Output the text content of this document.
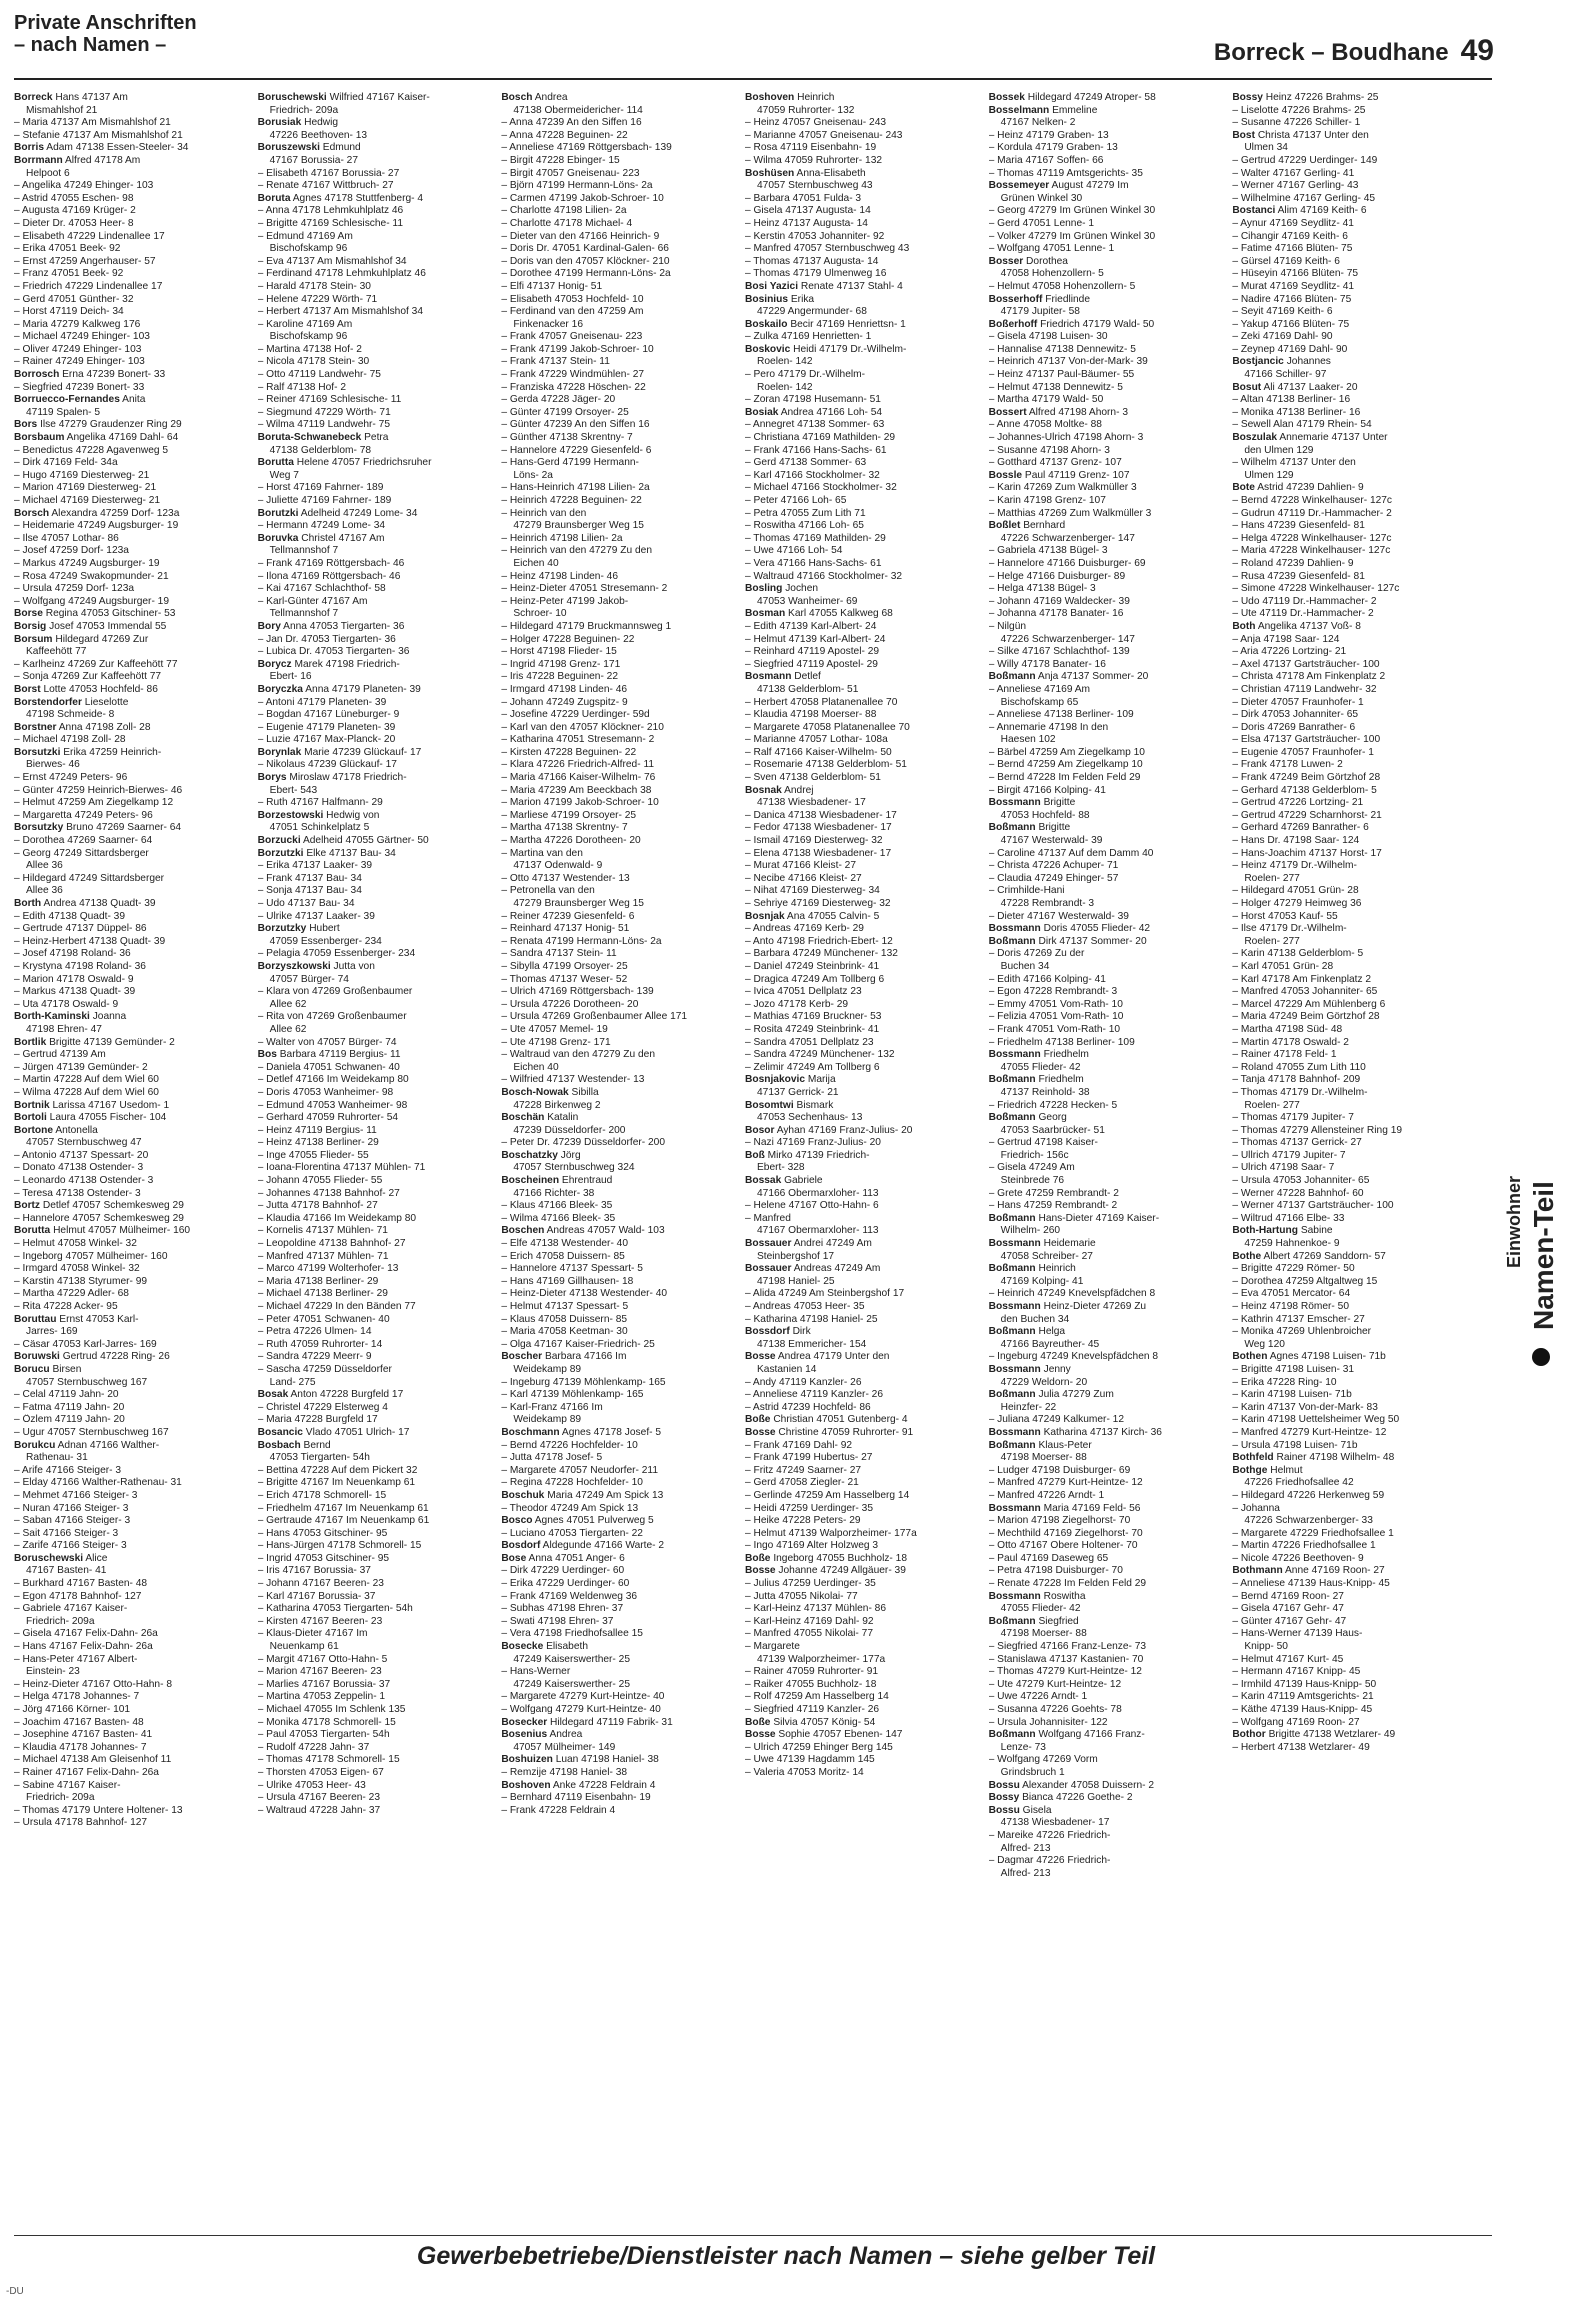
Private Anschriften
– nach Namen –	Borreck – Boudhane 49
Borreck Hans 47137 Am
Mismahlshof 21
– Maria 47137 Am Mismahlshof 21
– Stefanie 47137 Am Mismahlshof 21
Borris Adam 47138 Essen-Steeler- 34
Borrmann Alfred 47178 Am
Helpoot 6
– Angelika 47249 Ehinger- 103
– Astrid 47055 Eschen- 98
– Augusta 47169 Krüger- 2
– Dieter Dr. 47053 Heer- 8
– Elisabeth 47229 Lindenallee 17
– Erika 47051 Beek- 92
– Ernst 47259 Angerhauser- 57
– Franz 47051 Beek- 92
– Friedrich 47229 Lindenallee 17
– Gerd 47051 Günther- 32
– Horst 47119 Deich- 34
– Maria 47279 Kalkweg 176
– Michael 47249 Ehinger- 103
– Oliver 47249 Ehinger- 103
– Rainer 47249 Ehinger- 103
Borrosch Erna 47239 Bonert- 33
– Siegfried 47239 Bonert- 33
Borruecco-Fernandes Anita
47119 Spalen- 5
Bors Ilse 47279 Graudenzer Ring 29
Borsbaum Angelika 47169 Dahl- 64
– Benedictus 47228 Agavenweg 5
– Dirk 47169 Feld- 34a
– Hugo 47169 Diesterweg- 21
– Marion 47169 Diesterweg- 21
– Michael 47169 Diesterweg- 21
Borsch Alexandra 47259 Dorf- 123a
– Heidemarie 47249 Augsburger- 19
– Ilse 47057 Lothar- 86
– Josef 47259 Dorf- 123a
– Markus 47249 Augsburger- 19
– Rosa 47249 Swakopmunder- 21
– Ursula 47259 Dorf- 123a
– Wolfgang 47249 Augsburger- 19
Borse Regina 47053 Gitschiner- 53
Borsig Josef 47053 Immendal 55
Borsum Hildegard 47269 Zur
Kaffeehött 77
– Karlheinz 47269 Zur Kaffeehött 77
– Sonja 47269 Zur Kaffeehött 77
Borst Lotte 47053 Hochfeld- 86
Borstendorfer Lieselotte
47198 Schmeide- 8
Borstner Anna 47198 Zoll- 28
– Michael 47198 Zoll- 28
Borsutzki Erika 47259 Heinrich-
Bierwes- 46
– Ernst 47249 Peters- 96
– Günter 47259 Heinrich-Bierwes- 46
– Helmut 47259 Am Ziegelkamp 12
– Margaretta 47249 Peters- 96
Borsutzky Bruno 47269 Saarner- 64
– Dorothea 47269 Saarner- 64
– Georg 47249 Sittardsberger
Allee 36
– Hildegard 47249 Sittardsberger
Allee 36
Borth Andrea 47138 Quadt- 39
– Edith 47138 Quadt- 39
– Gertrude 47137 Düppel- 86
– Heinz-Herbert 47138 Quadt- 39
– Josef 47198 Roland- 36
– Krystyna 47198 Roland- 36
– Marion 47178 Oswald- 9
– Markus 47138 Quadt- 39
– Uta 47178 Oswald- 9
Borth-Kaminski Joanna
47198 Ehren- 47
Bortlik Brigitte 47139 Gemünder- 2
– Gertrud 47139 Am
– Jürgen 47139 Gemünder- 2
– Martin 47228 Auf dem Wiel 60
– Wilma 47228 Auf dem Wiel 60
Bortnik Larissa 47167 Usedom- 1
Bortoli Laura 47055 Fischer- 104
Bortone Antonella
47057 Sternbuschweg 47
– Antonio 47137 Spessart- 20
– Donato 47138 Ostender- 3
– Leonardo 47138 Ostender- 3
– Teresa 47138 Ostender- 3
Bortz Detlef 47057 Schemkesweg 29
– Hannelore 47057 Schemkesweg 29
Borutta Helmut 47057 Mülheimer- 160
– Helmut 47058 Winkel- 32
– Ingeborg 47057 Mülheimer- 160
– Irmgard 47058 Winkel- 32
– Karstin 47138 Styrumer- 99
– Martha 47229 Adler- 68
– Rita 47228 Acker- 95
Boruttau Ernst 47053 Karl-
Jarres- 169
– Cäsar 47053 Karl-Jarres- 169
Boruwski Gertrud 47228 Ring- 26
Borucu Birsen
47057 Sternbuschweg 167
– Celal 47119 Jahn- 20
– Fatma 47119 Jahn- 20
– Özlem 47119 Jahn- 20
– Ugur 47057 Sternbuschweg 167
Borukcu Adnan 47166 Walther-
Rathenau- 31
– Arife 47166 Steiger- 3
– Elday 47166 Walther-Rathenau- 31
– Mehmet 47166 Steiger- 3
– Nuran 47166 Steiger- 3
– Saban 47166 Steiger- 3
– Sait 47166 Steiger- 3
– Zarife 47166 Steiger- 3
Boruschewski Alice
47167 Basten- 41
– Burkhard 47167 Basten- 48
– Egon 47178 Bahnhof- 127
– Gabriele 47167 Kaiser-
Friedrich- 209a
– Gisela 47167 Felix-Dahn- 26a
– Hans 47167 Felix-Dahn- 26a
– Hans-Peter 47167 Albert-
Einstein- 23
– Heinz-Dieter 47167 Otto-Hahn- 8
– Helga 47178 Johannes- 7
– Jörg 47166 Körner- 101
– Joachim 47167 Basten- 48
– Josephine 47167 Basten- 41
– Klaudia 47178 Johannes- 7
– Michael 47138 Am Gleisenhof 11
– Rainer 47167 Felix-Dahn- 26a
– Sabine 47167 Kaiser-
Friedrich- 209a
– Thomas 47179 Untere Holtener- 13
– Ursula 47178 Bahnhof- 127
Boruschewski Wilfried 47167 Kaiser-
Friedrich- 209a
Borusiak Hedwig
47226 Beethoven- 13
Boruszewski Edmund
47167 Borussia- 27
– Elisabeth 47167 Borussia- 27
– Renate 47167 Wittbruch- 27
Boruta Agnes 47178 Stuttfenberg- 4
– Anna 47178 Lehmkuhlplatz 46
– Brigitte 47169 Schlesische- 11
– Edmund 47169 Am
Bischofskamp 96
– Eva 47137 Am Mismahlshof 34
– Ferdinand 47178 Lehmkuhlplatz 46
– Harald 47178 Stein- 30
– Helene 47229 Wörth- 71
– Herbert 47137 Am Mismahlshof 34
– Karoline 47169 Am
Bischofskamp 96
– Martina 47138 Hof- 2
– Nicola 47178 Stein- 30
– Otto 47119 Landwehr- 75
– Ralf 47138 Hof- 2
– Reiner 47169 Schlesische- 11
– Siegmund 47229 Wörth- 71
– Wilma 47119 Landwehr- 75
Boruta-Schwanebeck Petra
47138 Gelderblom- 78
Borutta Helene 47057 Friedrichsruher
Weg 7
– Horst 47169 Fahrner- 189
– Juliette 47169 Fahrner- 189
Borutzki Adelheid 47249 Lome- 34
– Hermann 47249 Lome- 34
Boruvka Christel 47167 Am
Tellmannshof 7
– Frank 47169 Röttgersbach- 46
– Ilona 47169 Röttgersbach- 46
– Kai 47167 Schlachthof- 58
– Karl-Günter 47167 Am
Tellmannshof 7
Bory Anna 47053 Tiergarten- 36
– Jan Dr. 47053 Tiergarten- 36
– Lubica Dr. 47053 Tiergarten- 36
Borycz Marek 47198 Friedrich-
Ebert- 16
Boryczka Anna 47179 Planeten- 39
– Antoni 47179 Planeten- 39
– Bogdan 47167 Lüneburger- 9
– Eugenie 47179 Planeten- 39
– Luzie 47167 Max-Planck- 20
Borynlak Marie 47239 Glückauf- 17
– Nikolaus 47239 Glückauf- 17
Borys Miroslaw 47178 Friedrich-
Ebert- 543
– Ruth 47167 Halfmann- 29
Borzestowski Hedwig von
47051 Schinkelplatz 5
Borzucki Adelheid 47055 Gärtner- 50
Borzutzki Elke 47137 Bau- 34
– Erika 47137 Laaker- 39
– Frank 47137 Bau- 34
– Sonja 47137 Bau- 34
– Udo 47137 Bau- 34
– Ulrike 47137 Laaker- 39
Borzutzky Hubert
47059 Essenberger- 234
– Pelagia 47059 Essenberger- 234
Borzyszkowski Jutta von
47057 Bürger- 74
– Klara von 47269 Großenbaumer
Allee 62
– Rita von 47269 Großenbaumer
Allee 62
– Walter von 47057 Bürger- 74
Bos Barbara 47119 Bergius- 11
– Daniela 47051 Schwanen- 40
– Detlef 47166 Im Weidekamp 80
– Doris 47053 Wanheimer- 98
– Edmund 47053 Wanheimer- 98
– Gerhard 47059 Ruhrorter- 54
– Heinz 47119 Bergius- 11
– Heinz 47138 Berliner- 29
– Inge 47055 Flieder- 55
– Ioana-Florentina 47137 Mühlen- 71
– Johann 47055 Flieder- 55
– Johannes 47138 Bahnhof- 27
– Jutta 47178 Bahnhof- 27
– Klaudia 47166 Im Weidekamp 80
– Kornelis 47137 Mühlen- 71
– Leopoldine 47138 Bahnhof- 27
– Manfred 47137 Mühlen- 71
– Marco 47199 Wolterhofer- 13
– Maria 47138 Berliner- 29
– Michael 47138 Berliner- 29
– Michael 47229 In den Bänden 77
– Peter 47051 Schwanen- 40
– Petra 47226 Ulmen- 14
– Ruth 47059 Ruhrorter- 14
– Sandra 47229 Meerr- 9
– Sascha 47259 Düsseldorfer
Land- 275
Bosak Anton 47228 Burgfeld 17
– Christel 47229 Elsterweg 4
– Maria 47228 Burgfeld 17
Bosancic Vlado 47051 Ulrich- 17
Bosbach Bernd
47053 Tiergarten- 54h
– Bettina 47228 Auf dem Pickert 32
– Brigitte 47167 Im Neuenkamp 61
– Erich 47178 Schmorell- 15
– Friedhelm 47167 Im Neuenkamp 61
– Gertraude 47167 Im Neuenkamp 61
– Hans 47053 Gitschiner- 95
– Hans-Jürgen 47178 Schmorell- 15
– Ingrid 47053 Gitschiner- 95
– Iris 47167 Borussia- 37
– Johann 47167 Beeren- 23
– Karl 47167 Borussia- 37
– Katharina 47053 Tiergarten- 54h
– Kirsten 47167 Beeren- 23
– Klaus-Dieter 47167 Im
Neuenkamp 61
– Margit 47167 Otto-Hahn- 5
– Marion 47167 Beeren- 23
– Marlies 47167 Borussia- 37
– Martina 47053 Zeppelin- 1
– Michael 47055 Im Schlenk 135
– Monika 47178 Schmorell- 15
– Paul 47053 Tiergarten- 54h
– Rudolf 47228 Jahn- 37
– Thomas 47178 Schmorell- 15
– Thorsten 47053 Eigen- 67
– Ulrike 47053 Heer- 43
– Ursula 47167 Beeren- 23
– Waltraud 47228 Jahn- 37
Bosch Andrea
47138 Obermeidericher- 114
– Anna 47239 An den Siffen 16
– Anna 47228 Beguinen- 22
– Anneliese 47169 Röttgersbach- 139
– Birgit 47228 Ebinger- 15
– Birgit 47057 Gneisenau- 223
– Björn 47199 Hermann-Löns- 2a
– Carmen 47199 Jakob-Schroer- 10
– Charlotte 47198 Lilien- 2a
– Charlotte 47178 Michael- 4
– Dieter van den 47166 Heinrich- 9
– Doris Dr. 47051 Kardinal-Galen- 66
– Doris van den 47057 Klöckner- 210
– Dorothee 47199 Hermann-Löns- 2a
– Elfi 47137 Honig- 51
– Elisabeth 47053 Hochfeld- 10
– Ferdinand van den 47259 Am
Finkenacker 16
– Frank 47057 Gneisenau- 223
– Frank 47199 Jakob-Schroer- 10
– Frank 47137 Stein- 11
– Frank 47229 Windmühlen- 27
– Franziska 47228 Höschen- 22
– Gerda 47228 Jäger- 20
– Günter 47199 Orsoyer- 25
– Günter 47239 An den Siffen 16
– Günther 47138 Skrentny- 7
– Hannelore 47229 Giesenfeld- 6
– Hans-Gerd 47199 Hermann-
Löns- 2a
– Hans-Heinrich 47198 Lilien- 2a
– Heinrich 47228 Beguinen- 22
– Heinrich van den
47279 Braunsberger Weg 15
– Heinrich 47198 Lilien- 2a
– Heinrich van den 47279 Zu den
Eichen 40
– Heinz 47198 Linden- 46
– Heinz-Dieter 47051 Stresemann- 2
– Heinz-Peter 47199 Jakob-
Schroer- 10
– Hildegard 47179 Bruckmannsweg 1
– Holger 47228 Beguinen- 22
– Horst 47198 Flieder- 15
– Ingrid 47198 Grenz- 171
– Iris 47228 Beguinen- 22
– Irmgard 47198 Linden- 46
– Johann 47249 Zugspitz- 9
– Josefine 47229 Uerdinger- 59d
– Karl van den 47057 Klöckner- 210
– Katharina 47051 Stresemann- 2
– Kirsten 47228 Beguinen- 22
– Klara 47226 Friedrich-Alfred- 11
– Maria 47166 Kaiser-Wilhelm- 76
– Maria 47239 Am Beeckbach 38
– Marion 47199 Jakob-Schroer- 10
– Marliese 47199 Orsoyer- 25
– Martha 47138 Skrentny- 7
– Martha 47226 Dorotheen- 20
– Martina van den
47137 Odenwald- 9
– Otto 47137 Westender- 13
– Petronella van den
47279 Braunsberger Weg 15
– Reiner 47239 Giesenfeld- 6
– Reinhard 47137 Honig- 51
– Renata 47199 Hermann-Löns- 2a
– Sandra 47137 Stein- 11
– Sibylla 47199 Orsoyer- 25
– Thomas 47137 Weser- 52
– Ulrich 47169 Röttgersbach- 139
– Ursula 47226 Dorotheen- 20
– Ursula 47269 Großenbaumer Allee 171
– Ute 47057 Memel- 19
– Ute 47198 Grenz- 171
– Waltraud van den 47279 Zu den
Eichen 40
– Wilfried 47137 Westender- 13
Bosch-Nowak Sibilla
47228 Birkenweg 2
Boschän Katalin
47239 Düsseldorfer- 200
– Peter Dr. 47239 Düsseldorfer- 200
Boschatzky Jörg
47057 Sternbuschweg 324
Boscheinen Ehrentraud
47166 Richter- 38
– Klaus 47166 Bleek- 35
– Wilma 47166 Bleek- 35
Boschen Andreas 47057 Wald- 103
– Elfe 47138 Westender- 40
– Erich 47058 Duissern- 85
– Hannelore 47137 Spessart- 5
– Hans 47169 Gillhausen- 18
– Heinz-Dieter 47138 Westender- 40
– Helmut 47137 Spessart- 5
– Klaus 47058 Duissern- 85
– Maria 47058 Keetman- 30
– Olga 47167 Kaiser-Friedrich- 25
Boscher Barbara 47166 Im
Weidekamp 89
– Ingeburg 47139 Möhlenkamp- 165
– Karl 47139 Möhlenkamp- 165
– Karl-Franz 47166 Im
Weidekamp 89
Boschmann Agnes 47178 Josef- 5
– Bernd 47226 Hochfelder- 10
– Jutta 47178 Josef- 5
– Margarete 47057 Neudorfer- 211
– Regina 47228 Hochfelder- 10
Boschuk Maria 47249 Am Spick 13
– Theodor 47249 Am Spick 13
Bosco Agnes 47051 Pulverweg 5
– Luciano 47053 Tiergarten- 22
Bosdorf Aldegunde 47166 Warte- 2
Bose Anna 47051 Anger- 6
– Dirk 47229 Uerdinger- 60
– Erika 47229 Uerdinger- 60
– Frank 47169 Weldenweg 36
– Subhas 47198 Ehren- 37
– Swati 47198 Ehren- 37
– Vera 47198 Friedhofsallee 15
Bosecke Elisabeth
47249 Kaiserswerther- 25
– Hans-Werner
47249 Kaiserswerther- 25
– Margarete 47279 Kurt-Heintze- 40
– Wolfgang 47279 Kurt-Heintze- 40
Bosecker Hildegard 47119 Fabrik- 31
Bosenius Andrea
47057 Mülheimer- 149
Boshuizen Luan 47198 Haniel- 38
– Remzije 47198 Haniel- 38
Boshoven Anke 47228 Feldrain 4
– Bernhard 47119 Eisenbahn- 19
– Frank 47228 Feldrain 4
Boshoven Heinrich
47059 Ruhrorter- 132
– Heinz 47057 Gneisenau- 243
– Marianne 47057 Gneisenau- 243
– Rosa 47119 Eisenbahn- 19
– Wilma 47059 Ruhrorter- 132
Boshüsen Anna-Elisabeth
47057 Sternbuschweg 43
– Barbara 47051 Fulda- 3
– Gisela 47137 Augusta- 14
– Heinz 47137 Augusta- 14
– Kerstin 47053 Johanniter- 92
– Manfred 47057 Sternbuschweg 43
– Thomas 47137 Augusta- 14
– Thomas 47179 Ulmenweg 16
Bosi Yazici Renate 47137 Stahl- 4
Bosinius Erika
47229 Angermunder- 68
Boskailo Becir 47169 Henriettsn- 1
– Zulka 47169 Henrietten- 1
Boskovic Heidi 47179 Dr.-Wilhelm-
Roelen- 142
– Pero 47179 Dr.-Wilhelm-
Roelen- 142
– Zoran 47198 Husemann- 51
Bosiak Andrea 47166 Loh- 54
– Annegret 47138 Sommer- 63
– Christiana 47169 Mathilden- 29
– Frank 47166 Hans-Sachs- 61
– Gerd 47138 Sommer- 63
– Karl 47166 Stockholmer- 32
– Michael 47166 Stockholmer- 32
– Peter 47166 Loh- 65
– Petra 47055 Zum Lith 71
– Roswitha 47166 Loh- 65
– Thomas 47169 Mathilden- 29
– Uwe 47166 Loh- 54
– Vera 47166 Hans-Sachs- 61
– Waltraud 47166 Stockholmer- 32
Bosling Jochen
47053 Wanheimer- 69
Bosman Karl 47055 Kalkweg 68
– Edith 47139 Karl-Albert- 24
– Helmut 47139 Karl-Albert- 24
– Reinhard 47119 Apostel- 29
– Siegfried 47119 Apostel- 29
Bosmann Detlef
47138 Gelderblom- 51
– Herbert 47058 Platanenallee 70
– Klaudia 47198 Moerser- 88
– Margarete 47058 Platanenallee 70
– Marianne 47057 Lothar- 108a
– Ralf 47166 Kaiser-Wilhelm- 50
– Rosemarie 47138 Gelderblom- 51
– Sven 47138 Gelderblom- 51
Bosnak Andrej
47138 Wiesbadener- 17
– Danica 47138 Wiesbadener- 17
– Fedor 47138 Wiesbadener- 17
– Ismail 47169 Diesterweg- 32
– Elena 47138 Wiesbadener- 17
– Murat 47166 Kleist- 27
– Necibe 47166 Kleist- 27
– Nihat 47169 Diesterweg- 34
– Sehriye 47169 Diesterweg- 32
Bosnjak Ana 47055 Calvin- 5
– Andreas 47169 Kerb- 29
– Anto 47198 Friedrich-Ebert- 12
– Barbara 47249 Münchener- 132
– Daniel 47249 Steinbrink- 41
– Dragica 47249 Am Tollberg 6
– Ivica 47051 Dellplatz 23
– Jozo 47178 Kerb- 29
– Mathias 47169 Bruckner- 53
– Rosita 47249 Steinbrink- 41
– Sandra 47051 Dellplatz 23
– Sandra 47249 Münchener- 132
– Zelimir 47249 Am Tollberg 6
Bosnjakovic Marija
47137 Gerrick- 21
Bosomtwi Bismark
47053 Sechenhaus- 13
Bosor Ayhan 47169 Franz-Julius- 20
– Nazi 47169 Franz-Julius- 20
Boß Mirko 47139 Friedrich-
Ebert- 328
Bossak Gabriele
47166 Obermarxloher- 113
– Helene 47167 Otto-Hahn- 6
– Manfred
47167 Obermarxloher- 113
Bossauer Andrei 47249 Am
Steinbergshof 17
Bossauer Andreas 47249 Am
47198 Haniel- 25
– Alida 47249 Am Steinbergshof 17
– Andreas 47053 Heer- 35
– Katharina 47198 Haniel- 25
Bossdorf Dirk
47138 Emmericher- 154
Bosse Andrea 47179 Unter den
Kastanien 14
– Andy 47119 Kanzler- 26
– Anneliese 47119 Kanzler- 26
– Astrid 47239 Hochfeld- 86
Boße Christian 47051 Gutenberg- 4
Bosse Christine 47059 Ruhrorter- 91
– Frank 47169 Dahl- 92
– Frank 47199 Hubertus- 27
– Fritz 47249 Saarner- 27
– Gerd 47058 Ziegler- 21
– Gerlinde 47259 Am Hasselberg 14
– Heidi 47259 Uerdinger- 35
– Heike 47228 Peters- 29
– Helmut 47139 Walporzheimer- 177a
– Ingo 47169 Alter Holzweg 3
Boße Ingeborg 47055 Buchholz- 18
Bosse Johanne 47249 Allgäuer- 39
– Julius 47259 Uerdinger- 35
– Jutta 47055 Nikolai- 77
– Karl-Heinz 47137 Mühlen- 86
– Karl-Heinz 47169 Dahl- 92
– Manfred 47055 Nikolai- 77
– Margarete
47139 Walporzheimer- 177a
– Rainer 47059 Ruhrorter- 91
– Raiker 47055 Buchholz- 18
– Rolf 47259 Am Hasselberg 14
– Siegfried 47119 Kanzler- 26
Boße Silvia 47057 König- 54
Bosse Sophie 47057 Ebenen- 147
– Ulrich 47259 Ehinger Berg 145
– Uwe 47139 Hagdamm 145
– Valeria 47053 Moritz- 14
Bossek Hildegard 47249 Atroper- 58
Bosselmann Emmeline
47167 Nelken- 2
– Heinz 47179 Graben- 13
– Kordula 47179 Graben- 13
– Maria 47167 Soffen- 66
– Thomas 47119 Amtsgerichts- 35
Bossemeyer August 47279 Im
Grünen Winkel 30
– Georg 47279 Im Grünen Winkel 30
– Gerd 47051 Lenne- 1
– Volker 47279 Im Grünen Winkel 30
– Wolfgang 47051 Lenne- 1
Bosser Dorothea
47058 Hohenzollern- 5
– Helmut 47058 Hohenzollern- 5
Bosserhoff Friedlinde
47179 Jupiter- 58
Boßerhoff Friedrich 47179 Wald- 50
– Gisela 47198 Luisen- 30
– Hannalise 47138 Dennewitz- 5
– Heinrich 47137 Von-der-Mark- 39
– Heinz 47137 Paul-Bäumer- 55
– Helmut 47138 Dennewitz- 5
– Martha 47179 Wald- 50
Bossert Alfred 47198 Ahorn- 3
– Anne 47058 Moltke- 88
– Johannes-Ulrich 47198 Ahorn- 3
– Susanne 47198 Ahorn- 3
– Gotthard 47137 Grenz- 107
Bossle Paul 47119 Grenz- 107
– Karin 47269 Zum Walkmüller 3
– Karin 47198 Grenz- 107
– Matthias 47269 Zum Walkmüller 3
Boßlet Bernhard
47226 Schwarzenberger- 147
– Gabriela 47138 Bügel- 3
– Hannelore 47166 Duisburger- 69
– Helge 47166 Duisburger- 89
– Helga 47138 Bügel- 3
– Johann 47169 Waldecker- 39
– Johanna 47178 Banater- 16
– Nilgün
47226 Schwarzenberger- 147
– Silke 47167 Schlachthof- 139
– Willy 47178 Banater- 16
Boßmann Anja 47137 Sommer- 20
– Anneliese 47169 Am
Bischofskamp 65
– Anneliese 47138 Berliner- 109
– Annemarie 47198 In den
Haesen 102
– Bärbel 47259 Am Ziegelkamp 10
– Bernd 47259 Am Ziegelkamp 10
– Bernd 47228 Im Felden Feld 29
– Birgit 47166 Kolping- 41
Bossmann Brigitte
47053 Hochfeld- 88
Boßmann Brigitte
47167 Westerwald- 39
– Caroline 47137 Auf dem Damm 40
– Christa 47226 Achuper- 71
– Claudia 47249 Ehinger- 57
– Crimhilde-Hani
47228 Rembrandt- 3
– Dieter 47167 Westerwald- 39
Bossmann Doris 47055 Flieder- 42
Boßmann Dirk 47137 Sommer- 20
– Doris 47269 Zu der
Buchen 34
– Edith 47166 Kolping- 41
– Egon 47228 Rembrandt- 3
– Emmy 47051 Vom-Rath- 10
– Felizia 47051 Vom-Rath- 10
– Frank 47051 Vom-Rath- 10
– Friedhelm 47138 Berliner- 109
Bossmann Friedhelm
47055 Flieder- 42
Boßmann Friedhelm
47137 Reinhold- 38
– Friedrich 47228 Hecken- 5
Boßmann Georg
47053 Saarbrücker- 51
– Gertrud 47198 Kaiser-
Friedrich- 156c
– Gisela 47249 Am
Steinbrede 76
– Grete 47259 Rembrandt- 2
– Hans 47259 Rembrandt- 2
Boßmann Hans-Dieter 47169 Kaiser-
Wilhelm- 260
Bossmann Heidemarie
47058 Schreiber- 27
Boßmann Heinrich
47169 Kolping- 41
– Heinrich 47249 Knevelspfädchen 8
Bossmann Heinz-Dieter 47269 Zu
den Buchen 34
Boßmann Helga
47166 Bayreuther- 45
– Ingeburg 47249 Knevelspfädchen 8
Bossmann Jenny
47229 Weldorn- 20
Boßmann Julia 47279 Zum
Heinzfer- 22
– Juliana 47249 Kalkumer- 12
Bossmann Katharina 47137 Kirch- 36
Boßmann Klaus-Peter
47198 Moerser- 88
– Ludger 47198 Duisburger- 69
– Manfred 47279 Kurt-Heintze- 12
– Manfred 47226 Arndt- 1
Bossmann Maria 47169 Feld- 56
– Marion 47198 Ziegelhorst- 70
– Mechthild 47169 Ziegelhorst- 70
– Otto 47167 Obere Holtener- 70
– Paul 47169 Daseweg 65
– Petra 47198 Duisburger- 70
– Renate 47228 Im Felden Feld 29
Bossmann Roswitha
47055 Flieder- 42
Boßmann Siegfried
47198 Moerser- 88
– Siegfried 47166 Franz-Lenze- 73
– Stanislawa 47137 Kastanien- 70
– Thomas 47279 Kurt-Heintze- 12
– Ute 47279 Kurt-Heintze- 12
– Uwe 47226 Arndt- 1
– Susanna 47226 Goehts- 78
– Ursula Johannisiter- 122
Boßmann Wolfgang 47166 Franz-
Lenze- 73
– Wolfgang 47269 Vorm
Grindsbruch 1
Bossu Alexander 47058 Duissern- 2
Bossy Bianca 47226 Goethe- 2
Bossu Gisela
47138 Wiesbadener- 17
– Mareike 47226 Friedrich-
Alfred- 213
– Dagmar 47226 Friedrich-
Alfred- 213
Bossy Heinz 47226 Brahms- 25
– Liselotte 47226 Brahms- 25
– Susanne 47226 Schiller- 1
Bost Christa 47137 Unter den
Ulmen 34
– Gertrud 47229 Uerdinger- 149
– Walter 47167 Gerling- 41
– Werner 47167 Gerling- 43
– Wilhelmine 47167 Gerling- 45
Bostanci Alim 47169 Keith- 6
– Aynur 47169 Seydlitz- 41
– Cihangir 47169 Keith- 6
– Fatime 47166 Blüten- 75
– Gürsel 47169 Keith- 6
– Hüseyin 47166 Blüten- 75
– Murat 47169 Seydlitz- 41
– Nadire 47166 Blüten- 75
– Seyit 47169 Keith- 6
– Yakup 47166 Blüten- 75
– Zeki 47169 Dahl- 90
– Zeynep 47169 Dahl- 90
Bostjancic Johannes
47166 Schiller- 97
Bosut Ali 47137 Laaker- 20
– Altan 47138 Berliner- 16
– Monika 47138 Berliner- 16
– Sewell Alan 47179 Rhein- 54
Boszulak Annemarie 47137 Unter
den Ulmen 129
– Wilhelm 47137 Unter den
Ulmen 129
Bote Astrid 47239 Dahlien- 9
– Bernd 47228 Winkelhauser- 127c
– Gudrun 47119 Dr.-Hammacher- 2
– Hans 47239 Giesenfeld- 81
– Helga 47228 Winkelhauser- 127c
– Maria 47228 Winkelhauser- 127c
– Roland 47239 Dahlien- 9
– Rusa 47239 Giesenfeld- 81
– Simone 47228 Winkelhauser- 127c
– Udo 47119 Dr.-Hammacher- 2
– Ute 47119 Dr.-Hammacher- 2
Both Angelika 47137 Voß- 8
– Anja 47198 Saar- 124
– Aria 47226 Lortzing- 21
– Axel 47137 Gartsträucher- 100
– Christa 47178 Am Finkenplatz 2
– Christian 47119 Landwehr- 32
– Dieter 47057 Fraunhofer- 1
– Dirk 47053 Johanniter- 65
– Doris 47269 Banrather- 6
– Elsa 47137 Gartsträucher- 100
– Eugenie 47057 Fraunhofer- 1
– Frank 47178 Luwen- 2
– Frank 47249 Beim Görtzhof 28
– Gerhard 47138 Gelderblom- 5
– Gertrud 47226 Lortzing- 21
– Gertrud 47229 Scharnhorst- 21
– Gerhard 47269 Banrather- 6
– Hans Dr. 47198 Saar- 124
– Hans-Joachim 47137 Horst- 17
– Heinz 47179 Dr.-Wilhelm-
Roelen- 277
– Hildegard 47051 Grün- 28
– Holger 47279 Heimweg 36
– Horst 47053 Kauf- 55
– Ilse 47179 Dr.-Wilhelm-
Roelen- 277
– Karin 47138 Gelderblom- 5
– Karl 47051 Grün- 28
– Karl 47178 Am Finkenplatz 2
– Manfred 47053 Johanniter- 65
– Marcel 47229 Am Mühlenberg 6
– Maria 47249 Beim Görtzhof 28
– Martha 47198 Süd- 48
– Martin 47178 Oswald- 2
– Rainer 47178 Feld- 1
– Roland 47055 Zum Lith 110
– Tanja 47178 Bahnhof- 209
– Thomas 47179 Dr.-Wilhelm-
Roelen- 277
– Thomas 47179 Jupiter- 7
– Thomas 47279 Allensteiner Ring 19
– Thomas 47137 Gerrick- 27
– Ullrich 47179 Jupiter- 7
– Ulrich 47198 Saar- 7
– Ursula 47053 Johanniter- 65
– Werner 47228 Bahnhof- 60
– Werner 47137 Gartsträucher- 100
– Wiltrud 47166 Elbe- 33
Both-Hartung Sabine
47259 Hahnenkoe- 9
Bothe Albert 47269 Sanddorn- 57
– Brigitte 47229 Römer- 50
– Dorothea 47259 Altgaltweg 15
– Eva 47051 Mercator- 64
– Heinz 47198 Römer- 50
– Kathrin 47137 Emscher- 27
– Monika 47269 Uhlenbroicher
Weg 120
Bothen Agnes 47198 Luisen- 71b
– Brigitte 47198 Luisen- 31
– Erika 47228 Ring- 10
– Karin 47198 Luisen- 71b
– Karin 47137 Von-der-Mark- 83
– Karin 47198 Uettelsheimer Weg 50
– Manfred 47279 Kurt-Heintze- 12
– Ursula 47198 Luisen- 71b
Bothfeld Rainer 47198 Wilhelm- 48
Bothge Helmut
47226 Friedhofsallee 42
– Hildegard 47226 Herkenweg 59
– Johanna
47226 Schwarzenberger- 33
– Margarete 47229 Friedhofsallee 1
– Martin 47226 Friedhofsallee 1
– Nicole 47226 Beethoven- 9
Bothmann Anne 47169 Roon- 27
– Anneliese 47139 Haus-Knipp- 45
– Bernd 47169 Roon- 27
– Gisela 47167 Gehr- 47
– Günter 47167 Gehr- 47
– Hans-Werner 47139 Haus-
Knipp- 50
– Helmut 47167 Kurt- 45
– Hermann 47167 Knipp- 45
– Irmhild 47139 Haus-Knipp- 50
– Karin 47119 Amtsgerichts- 21
– Käthe 47139 Haus-Knipp- 45
– Wolfgang 47169 Roon- 27
Bothor Brigitte 47138 Wetzlarer- 49
– Herbert 47138 Wetzlarer- 49
Einwohner Namen-Teil
Gewerbebetriebe/Dienstleister nach Namen – siehe gelber Teil
-DU
